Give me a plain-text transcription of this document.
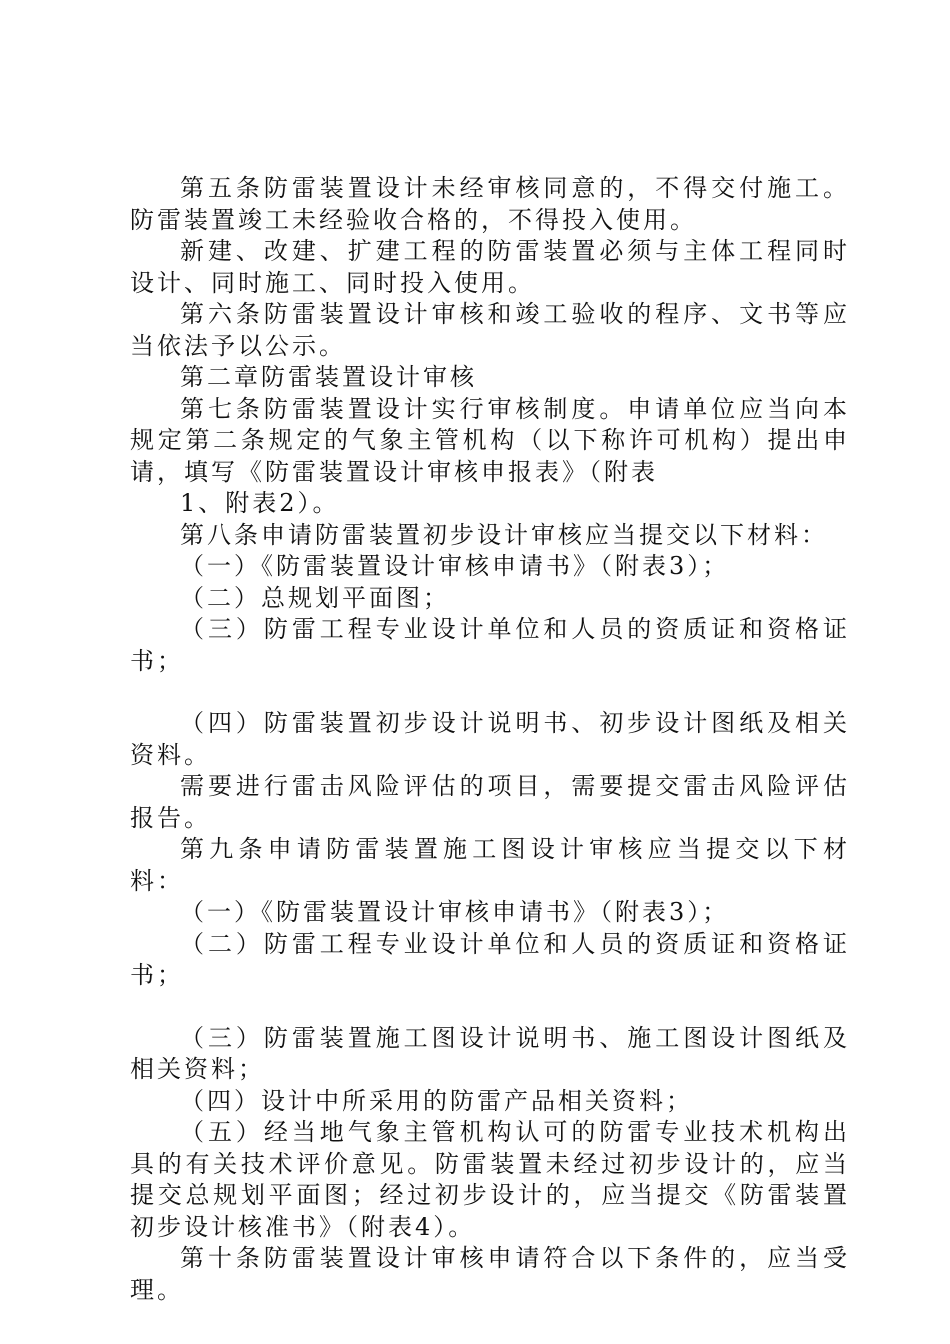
第五条防雷装置设计未经审核同意的，不得交付施工。防雷装置竣工未经验收合格的，不得投入使用。

新建、改建、扩建工程的防雷装置必须与主体工程同时设计、同时施工、同时投入使用。

第六条防雷装置设计审核和竣工验收的程序、文书等应当依法予以公示。

第二章防雷装置设计审核

第七条防雷装置设计实行审核制度。申请单位应当向本规定第二条规定的气象主管机构（以下称许可机构）提出申请，填写《防雷装置设计审核申报表》（附表

1、附表2）。

第八条申请防雷装置初步设计审核应当提交以下材料：

（一）《防雷装置设计审核申请书》（附表3）；

（二）总规划平面图；

（三）防雷工程专业设计单位和人员的资质证和资格证书；

（四）防雷装置初步设计说明书、初步设计图纸及相关资料。

需要进行雷击风险评估的项目，需要提交雷击风险评估报告。

第九条申请防雷装置施工图设计审核应当提交以下材料：

（一）《防雷装置设计审核申请书》（附表3）；

（二）防雷工程专业设计单位和人员的资质证和资格证书；

（三）防雷装置施工图设计说明书、施工图设计图纸及相关资料；

（四）设计中所采用的防雷产品相关资料；

（五）经当地气象主管机构认可的防雷专业技术机构出具的有关技术评价意见。防雷装置未经过初步设计的，应当提交总规划平面图；经过初步设计的，应当提交《防雷装置初步设计核准书》（附表4）。

第十条防雷装置设计审核申请符合以下条件的，应当受理。
